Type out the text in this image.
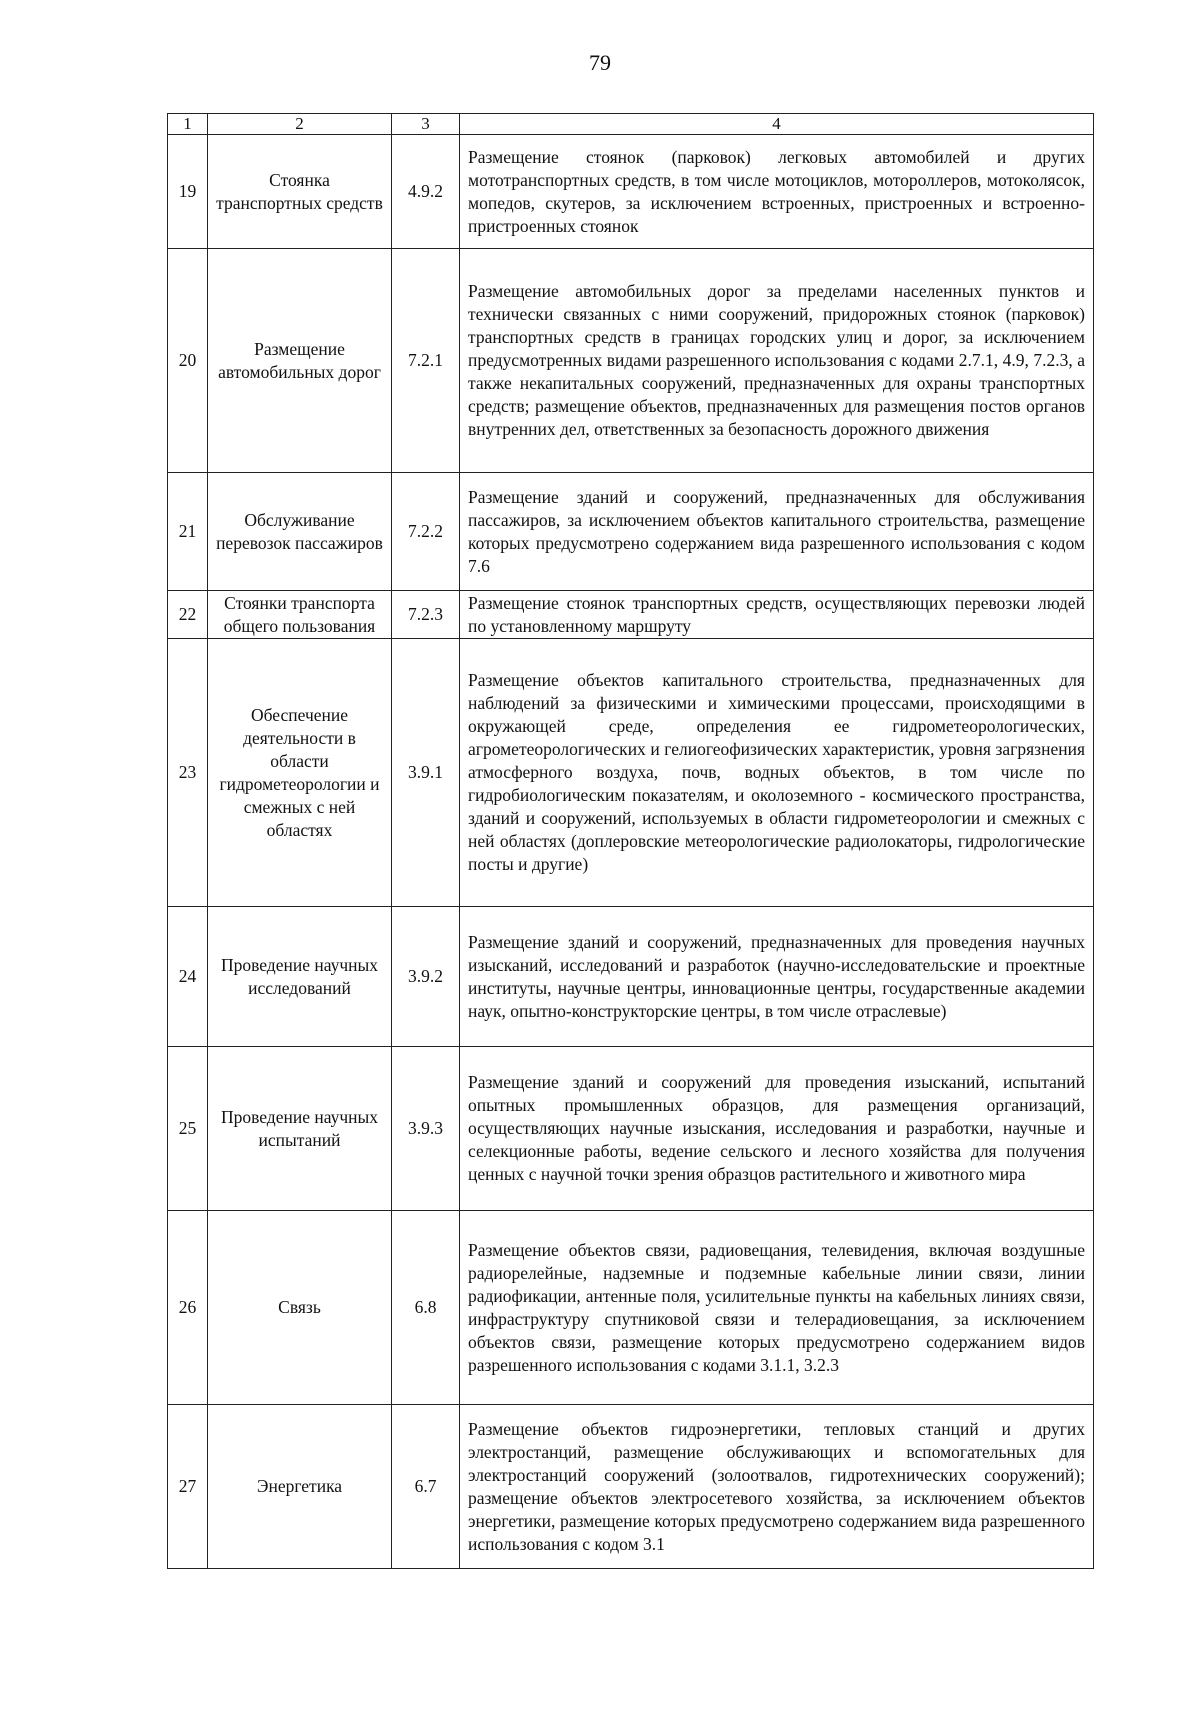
79
1	2	3	4
19	Стоянка транспортных средств	4.9.2	Размещение стоянок (парковок) легковых автомобилей и других мототранспортных средств, в том числе мотоциклов, мотороллеров, мотоколясок, мопедов, скутеров, за исключением встроенных, пристроенных и встроенно-пристроенных стоянок
20	Размещение автомобильных дорог	7.2.1	Размещение автомобильных дорог за пределами населенных пунктов и технически связанных с ними сооружений, придорожных стоянок (парковок) транспортных средств в границах городских улиц и дорог, за исключением предусмотренных видами разрешенного использования с кодами 2.7.1, 4.9, 7.2.3, а также некапитальных сооружений, предназначенных для охраны транспортных средств; размещение объектов, предназначенных для размещения постов органов внутренних дел, ответственных за безопасность дорожного движения
21	Обслуживание перевозок пассажиров	7.2.2	Размещение зданий и сооружений, предназначенных для обслуживания пассажиров, за исключением объектов капитального строительства, размещение которых предусмотрено содержанием вида разрешенного использования с кодом 7.6
22	Стоянки транспорта общего пользования	7.2.3	Размещение стоянок транспортных средств, осуществляющих перевозки людей по установленному маршруту
23	Обеспечение деятельности в области гидрометеорологии и смежных с ней областях	3.9.1	Размещение объектов капитального строительства, предназначенных для наблюдений за физическими и химическими процессами, происходящими в окружающей среде, определения ее гидрометеорологических, агрометеорологических и гелиогеофизических характеристик, уровня загрязнения атмосферного воздуха, почв, водных объектов, в том числе по гидробиологическим показателям, и околоземного - космического пространства, зданий и сооружений, используемых в области гидрометеорологии и смежных с ней областях (доплеровские метеорологические радиолокаторы, гидрологические посты и другие)
24	Проведение научных исследований	3.9.2	Размещение зданий и сооружений, предназначенных для проведения научных изысканий, исследований и разработок (научно-исследовательские и проектные институты, научные центры, инновационные центры, государственные академии наук, опытно-конструкторские центры, в том числе отраслевые)
25	Проведение научных испытаний	3.9.3	Размещение зданий и сооружений для проведения изысканий, испытаний опытных промышленных образцов, для размещения организаций, осуществляющих научные изыскания, исследования и разработки, научные и селекционные работы, ведение сельского и лесного хозяйства для получения ценных с научной точки зрения образцов растительного и животного мира
26	Связь	6.8	Размещение объектов связи, радиовещания, телевидения, включая воздушные радиорелейные, надземные и подземные кабельные линии связи, линии радиофикации, антенные поля, усилительные пункты на кабельных линиях связи, инфраструктуру спутниковой связи и телерадиовещания, за исключением объектов связи, размещение которых предусмотрено содержанием видов разрешенного использования с кодами 3.1.1, 3.2.3
27	Энергетика	6.7	Размещение объектов гидроэнергетики, тепловых станций и других электростанций, размещение обслуживающих и вспомогательных для электростанций сооружений (золоотвалов, гидротехнических сооружений); размещение объектов электросетевого хозяйства, за исключением объектов энергетики, размещение которых предусмотрено содержанием вида разрешенного использования с кодом 3.1
